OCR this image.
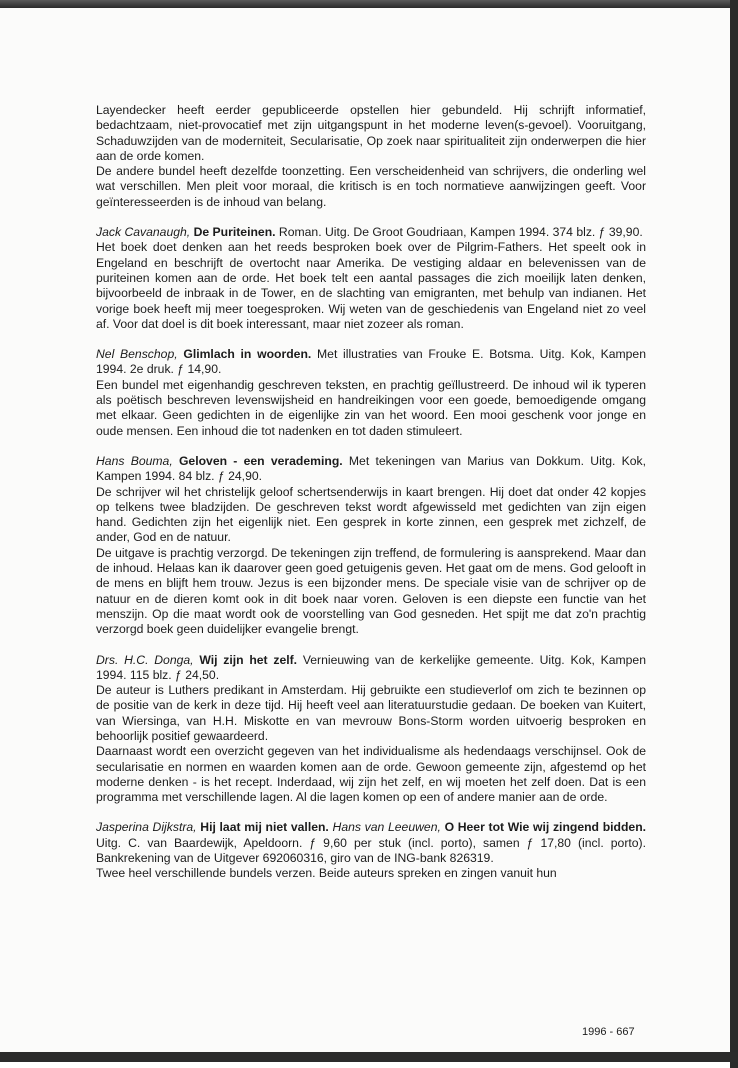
Layendecker heeft eerder gepubliceerde opstellen hier gebundeld. Hij schrijft informatief, bedachtzaam, niet-provocatief met zijn uitgangspunt in het moderne leven(s-gevoel). Vooruitgang, Schaduwzijden van de moderniteit, Secularisatie, Op zoek naar spiritualiteit zijn onderwerpen die hier aan de orde komen.

De andere bundel heeft dezelfde toonzetting. Een verscheidenheid van schrijvers, die onderling wel wat verschillen. Men pleit voor moraal, die kritisch is en toch normatieve aanwijzingen geeft. Voor geïnteresseerden is de inhoud van belang.

Jack Cavanaugh, De Puriteinen. Roman. Uitg. De Groot Goudriaan, Kampen 1994. 374 blz. ƒ 39,90.

Het boek doet denken aan het reeds besproken boek over de Pilgrim-Fathers. Het speelt ook in Engeland en beschrijft de overtocht naar Amerika. De vestiging aldaar en belevenissen van de puriteinen komen aan de orde. Het boek telt een aantal passages die zich moeilijk laten denken, bijvoorbeeld de inbraak in de Tower, en de slachting van emigranten, met behulp van indianen. Het vorige boek heeft mij meer toegesproken. Wij weten van de geschiedenis van Engeland niet zo veel af. Voor dat doel is dit boek interessant, maar niet zozeer als roman.

Nel Benschop, Glimlach in woorden. Met illustraties van Frouke E. Botsma. Uitg. Kok, Kampen 1994. 2e druk. ƒ 14,90.

Een bundel met eigenhandig geschreven teksten, en prachtig geïllustreerd. De inhoud wil ik typeren als poëtisch beschreven levenswijsheid en handreikingen voor een goede, bemoedigende omgang met elkaar. Geen gedichten in de eigenlijke zin van het woord. Een mooi geschenk voor jonge en oude mensen. Een inhoud die tot nadenken en tot daden stimuleert.

Hans Bouma, Geloven - een verademing. Met tekeningen van Marius van Dokkum. Uitg. Kok, Kampen 1994. 84 blz. ƒ 24,90.

De schrijver wil het christelijk geloof schertsenderwijs in kaart brengen. Hij doet dat onder 42 kopjes op telkens twee bladzijden. De geschreven tekst wordt afgewisseld met gedichten van zijn eigen hand. Gedichten zijn het eigenlijk niet. Een gesprek in korte zinnen, een gesprek met zichzelf, de ander, God en de natuur.

De uitgave is prachtig verzorgd. De tekeningen zijn treffend, de formulering is aansprekend. Maar dan de inhoud. Helaas kan ik daarover geen goed getuigenis geven. Het gaat om de mens. God gelooft in de mens en blijft hem trouw. Jezus is een bijzonder mens. De speciale visie van de schrijver op de natuur en de dieren komt ook in dit boek naar voren. Geloven is een diepste een functie van het menszijn. Op die maat wordt ook de voorstelling van God gesneden. Het spijt me dat zo'n prachtig verzorgd boek geen duidelijker evangelie brengt.

Drs. H.C. Donga, Wij zijn het zelf. Vernieuwing van de kerkelijke gemeente. Uitg. Kok, Kampen 1994. 115 blz. ƒ 24,50.

De auteur is Luthers predikant in Amsterdam. Hij gebruikte een studieverlof om zich te bezinnen op de positie van de kerk in deze tijd. Hij heeft veel aan literatuurstudie gedaan. De boeken van Kuitert, van Wiersinga, van H.H. Miskotte en van mevrouw Bons-Storm worden uitvoerig besproken en behoorlijk positief gewaardeerd.

Daarnaast wordt een overzicht gegeven van het individualisme als hedendaags verschijnsel. Ook de secularisatie en normen en waarden komen aan de orde. Gewoon gemeente zijn, afgestemd op het moderne denken - is het recept. Inderdaad, wij zijn het zelf, en wij moeten het zelf doen. Dat is een programma met verschillende lagen. Al die lagen komen op een of andere manier aan de orde.

Jasperina Dijkstra, Hij laat mij niet vallen. Hans van Leeuwen, O Heer tot Wie wij zingend bidden. Uitg. C. van Baardewijk, Apeldoorn. ƒ 9,60 per stuk (incl. porto), samen ƒ 17,80 (incl. porto). Bankrekening van de Uitgever 692060316, giro van de ING-bank 826319.

Twee heel verschillende bundels verzen. Beide auteurs spreken en zingen vanuit hun

1996 - 667
